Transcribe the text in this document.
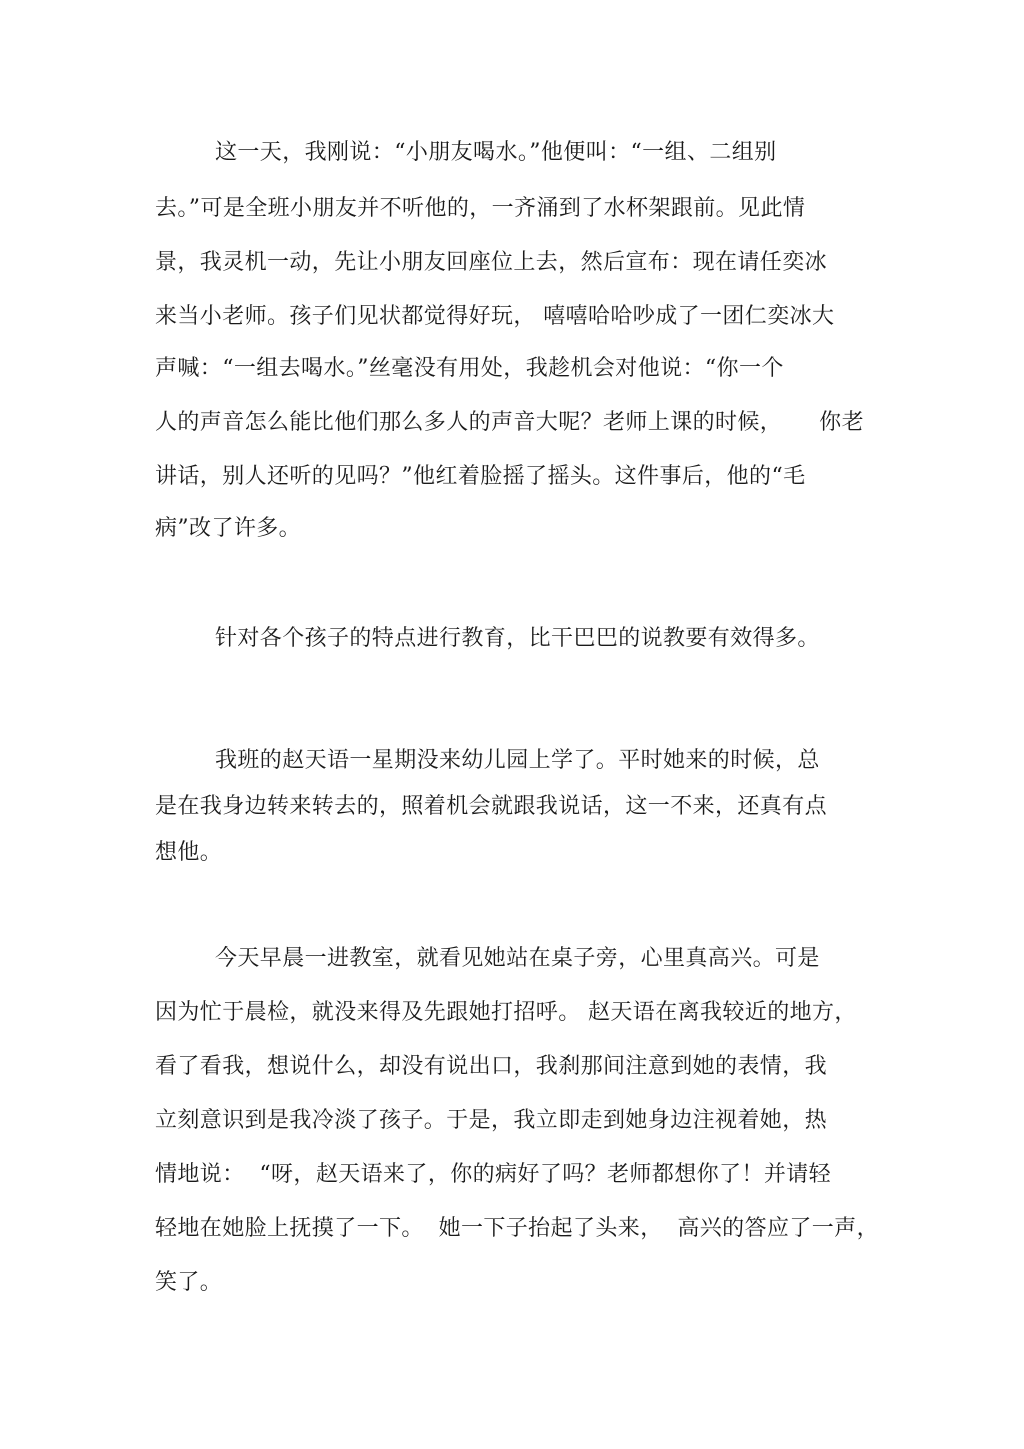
这一天，我刚说：“小朋友喝水。”他便叫：“一组、二组别
去。”可是全班小朋友并不听他的，一齐涌到了水杯架跟前。见此情
景，我灵机一动，先让小朋友回座位上去，然后宣布：现在请任奕冰
来当小老师。孩子们见状都觉得好玩， 嘻嘻哈哈吵成了一团仁奕冰大
声喊：“一组去喝水。”丝毫没有用处，我趁机会对他说：“你一个
人的声音怎么能比他们那么多人的声音大呢？老师上课的时候，     你老
讲话，别人还听的见吗？”他红着脸摇了摇头。这件事后，他的“毛
病”改了许多。
针对各个孩子的特点进行教育，比干巴巴的说教要有效得多。
我班的赵天语一星期没来幼儿园上学了。平时她来的时候，总
是在我身边转来转去的，照着机会就跟我说话，这一不来，还真有点
想他。
今天早晨一进教室，就看见她站在桌子旁，心里真高兴。可是
因为忙于晨检，就没来得及先跟她打招呼。 赵天语在离我较近的地方，
看了看我，想说什么，却没有说出口，我刹那间注意到她的表情，我
立刻意识到是我冷淡了孩子。于是，我立即走到她身边注视着她，热
情地说：  “呀，赵天语来了，你的病好了吗？老师都想你了！并请轻
轻地在她脸上抚摸了一下。  她一下子抬起了头来，  高兴的答应了一声，
笑了。
